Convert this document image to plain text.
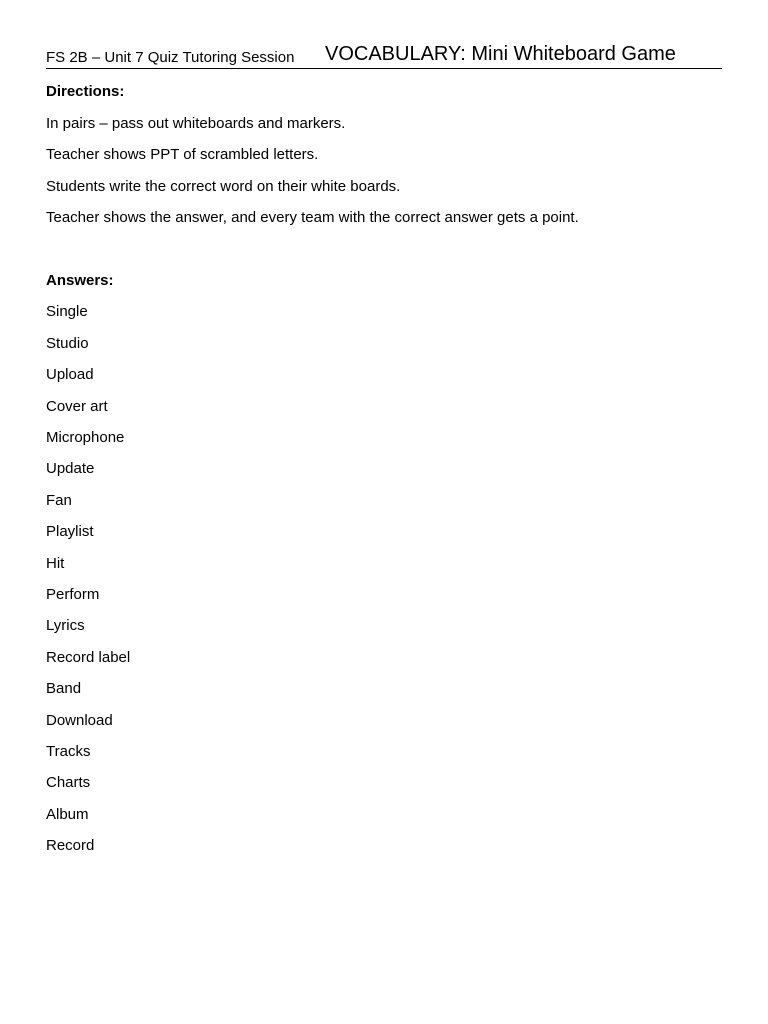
FS 2B – Unit 7 Quiz Tutoring Session VOCABULARY: Mini Whiteboard Game
Directions:
In pairs – pass out whiteboards and markers.
Teacher shows PPT of scrambled letters.
Students write the correct word on their white boards.
Teacher shows the answer, and every team with the correct answer gets a point.
Answers:
Single
Studio
Upload
Cover art
Microphone
Update
Fan
Playlist
Hit
Perform
Lyrics
Record label
Band
Download
Tracks
Charts
Album
Record
